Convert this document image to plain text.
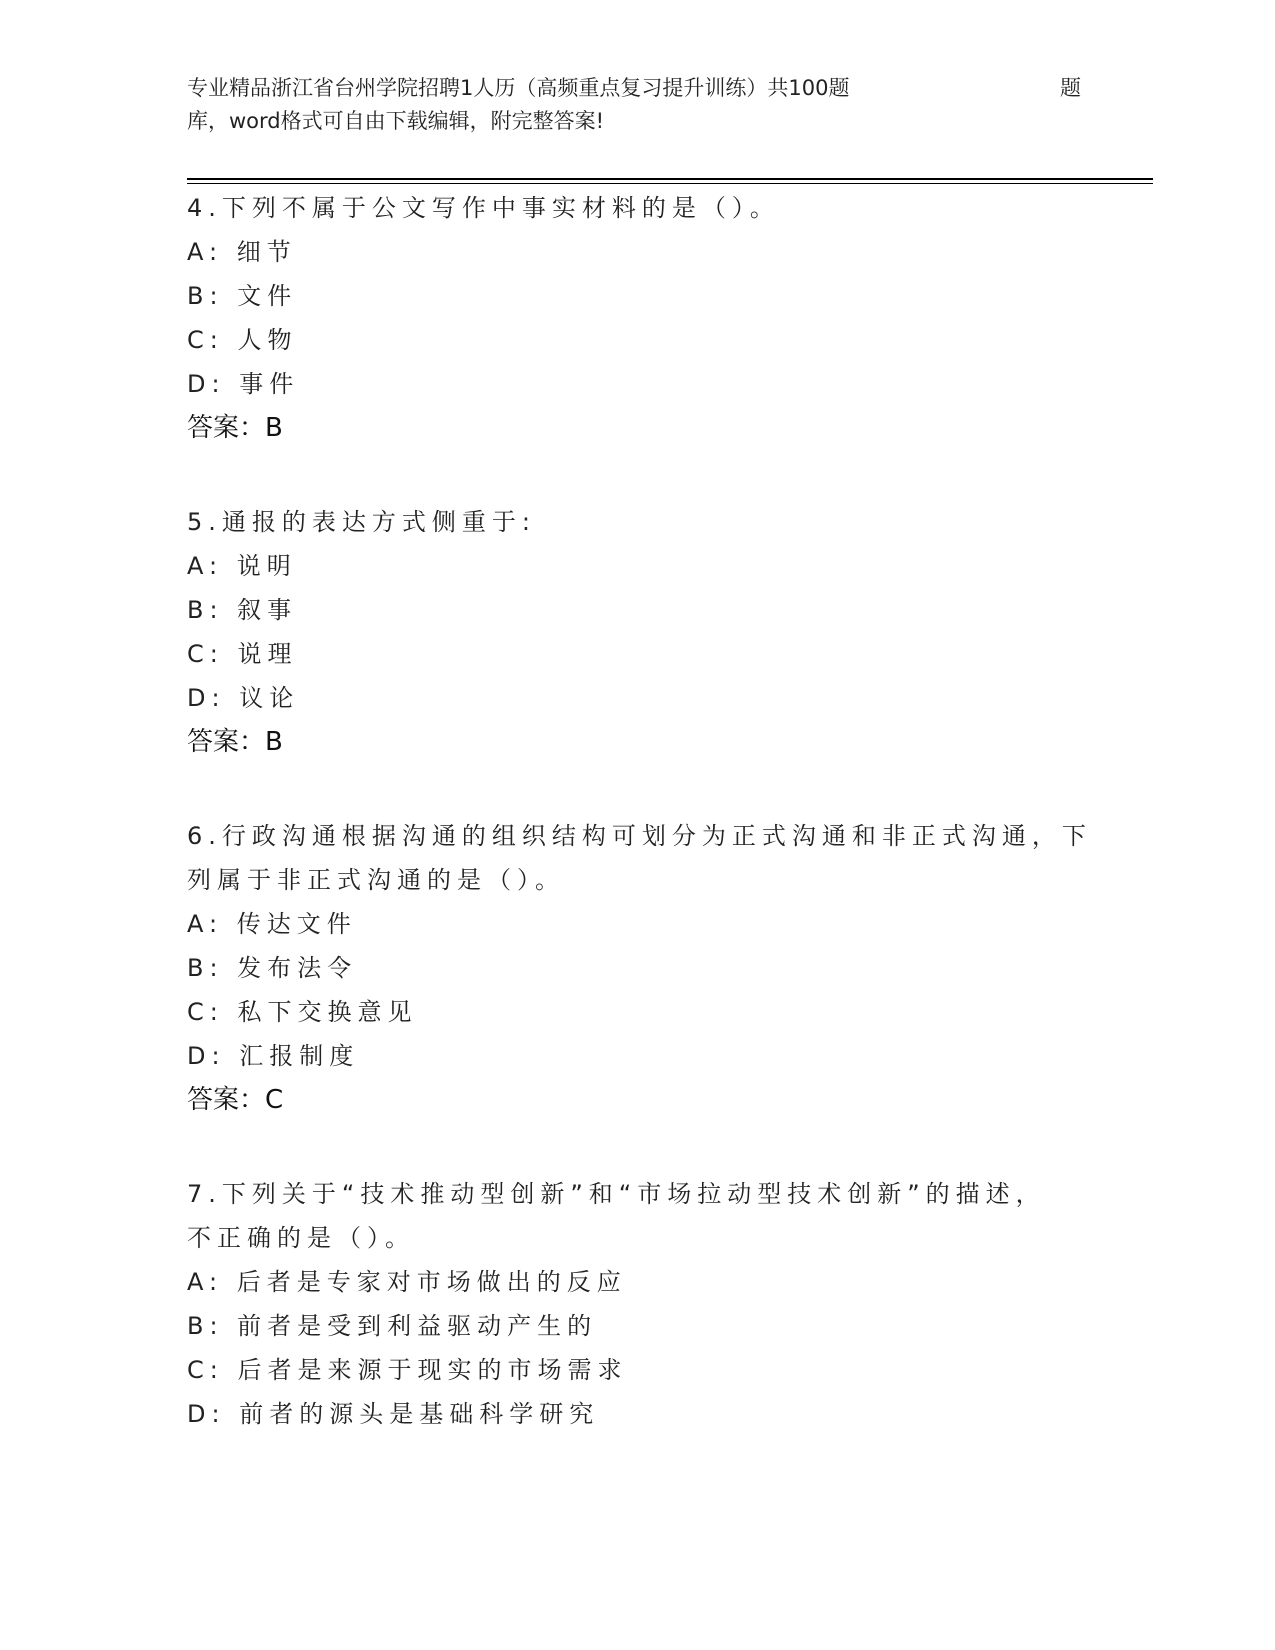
专业精品浙江省台州学院招聘1人历（高频重点复习提升训练）共100题	题
库，word格式可自由下载编辑，附完整答案!
4.下列不属于公文写作中事实材料的是（）。
A: 细节
B: 文件
C: 人物
D: 事件
答案：B
5.通报的表达方式侧重于:
A: 说明
B: 叙事
C: 说理
D: 议论
答案：B
6.行政沟通根据沟通的组织结构可划分为正式沟通和非正式沟通，下
列属于非正式沟通的是（）。
A: 传达文件
B: 发布法令
C: 私下交换意见
D: 汇报制度
答案：C
7.下列关于“技术推动型创新”和“市场拉动型技术创新”的描述，
不正确的是（）。
A: 后者是专家对市场做出的反应
B: 前者是受到利益驱动产生的
C: 后者是来源于现实的市场需求
D: 前者的源头是基础科学研究
